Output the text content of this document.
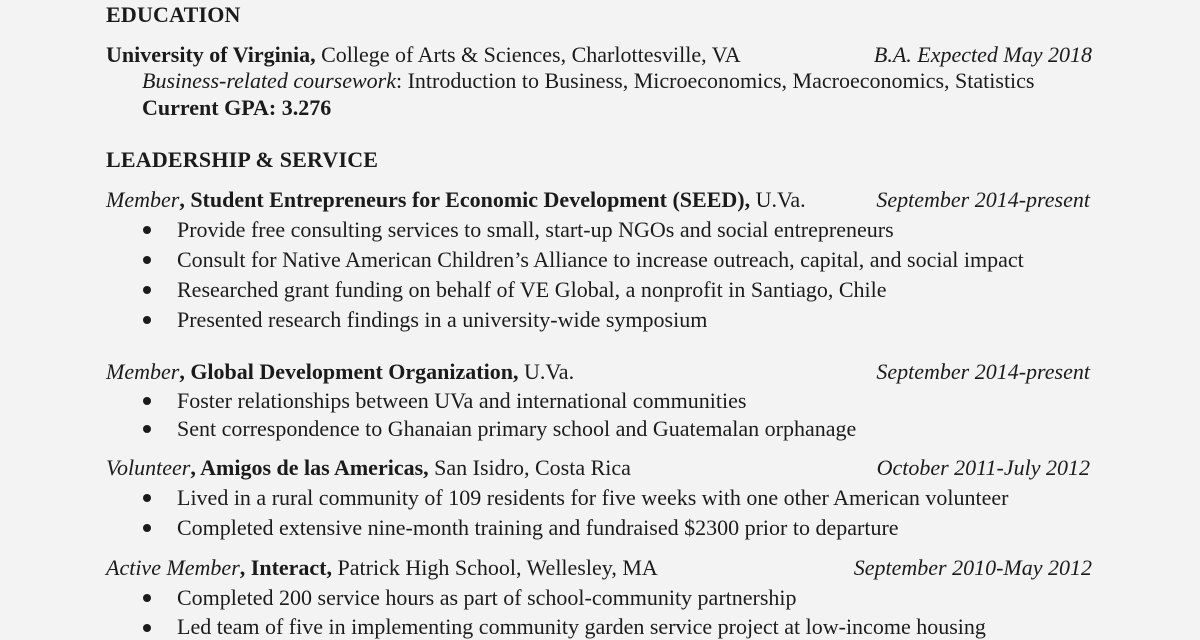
EDUCATION
University of Virginia, College of Arts & Sciences, Charlottesville, VA	B.A. Expected May 2018
Business-related coursework: Introduction to Business, Microeconomics, Macroeconomics, Statistics
Current GPA: 3.276
LEADERSHIP & SERVICE
Member, Student Entrepreneurs for Economic Development (SEED), U.Va.	September 2014-present
Provide free consulting services to small, start-up NGOs and social entrepreneurs
Consult for Native American Children’s Alliance to increase outreach, capital, and social impact
Researched grant funding on behalf of VE Global, a nonprofit in Santiago, Chile
Presented research findings in a university-wide symposium
Member, Global Development Organization, U.Va.	September 2014-present
Foster relationships between UVa and international communities
Sent correspondence to Ghanaian primary school and Guatemalan orphanage
Volunteer, Amigos de las Americas, San Isidro, Costa Rica	October 2011-July 2012
Lived in a rural community of 109 residents for five weeks with one other American volunteer
Completed extensive nine-month training and fundraised $2300 prior to departure
Active Member, Interact, Patrick High School, Wellesley, MA	September 2010-May 2012
Completed 200 service hours as part of school-community partnership
Led team of five in implementing community garden service project at low-income housing
